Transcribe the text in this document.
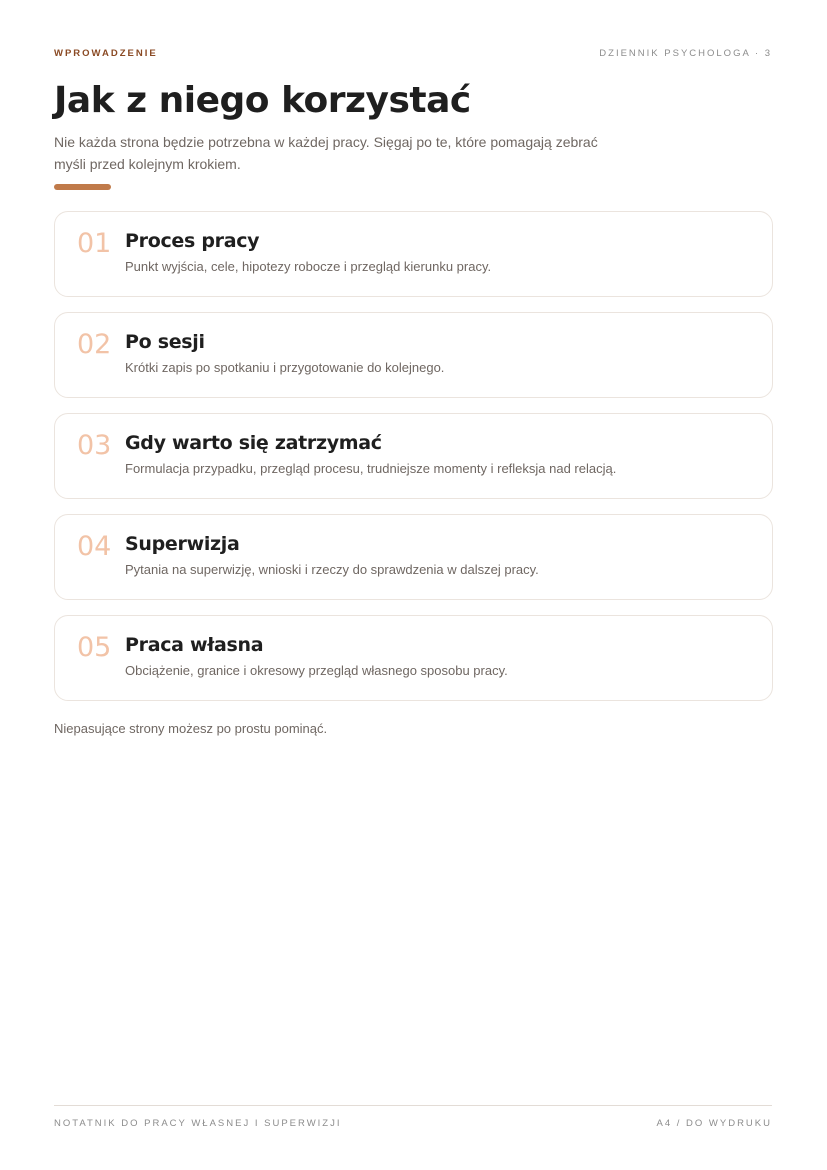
WPROWADZENIE	DZIENNIK PSYCHOLOGA · 3
Jak z niego korzystać

Nie każda strona będzie potrzebna w każdej pracy. Sięgaj po te, które pomagają zebrać
myśli przed kolejnym krokiem.

01 Proces pracy

Punkt wyjścia, cele, hipotezy robocze i przegląd kierunku pracy.

02 Po sesji

Krótki zapis po spotkaniu i przygotowanie do kolejnego.

03 Gdy warto się zatrzymać

Formulacja przypadku, przegląd procesu, trudniejsze momenty i refleksja nad relacją.

04 Superwizja

Pytania na superwizję, wnioski i rzeczy do sprawdzenia w dalszej pracy.

05 Praca własna

Obciążenie, granice i okresowy przegląd własnego sposobu pracy.

Niepasujące strony możesz po prostu pominąć.

NOTATNIK DO PRACY WŁASNEJ I SUPERWIZJI	A4 / DO WYDRUKU
